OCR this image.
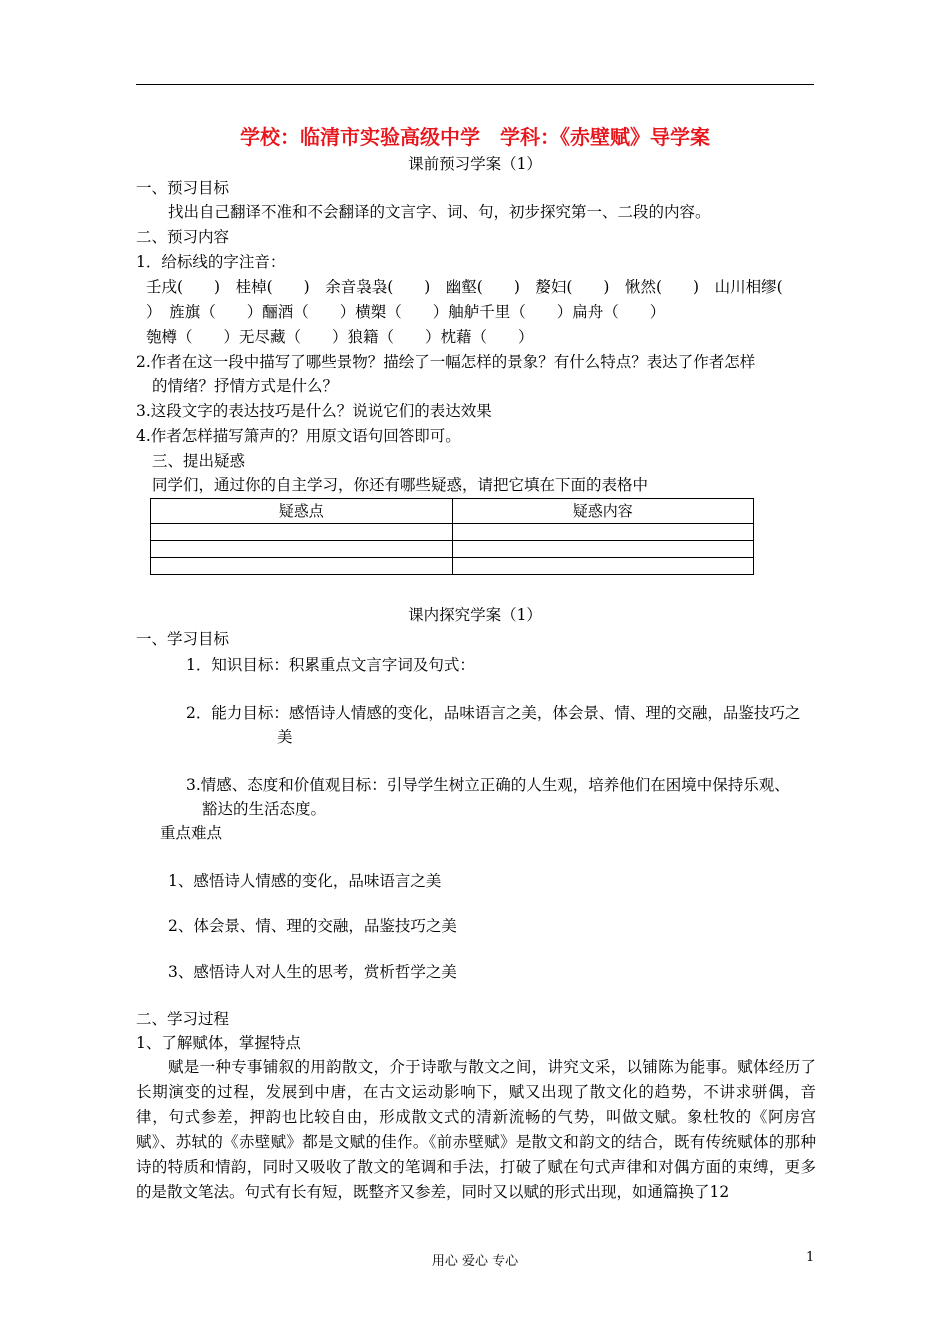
学校：临清市实验高级中学　学科：《赤壁赋》导学案
课前预习学案（1）
一、预习目标
找出自己翻译不准和不会翻译的文言字、词、句，初步探究第一、二段的内容。
二、预习内容
1．给标线的字注音：
壬戌(　　)　桂棹(　　)　余音袅袅(　　)　幽壑(　　)　嫠妇(　　)　愀然(　　)　山川相缪(
）　旌旗（　　）酾酒（　　）横槊（　　）舳舻千里（　　）扁舟（　　）
匏樽（　　）无尽藏（　　）狼籍（　　）枕藉（　　）
2.作者在这一段中描写了哪些景物？描绘了一幅怎样的景象？有什么特点？表达了作者怎样
的情绪？抒情方式是什么？
3.这段文字的表达技巧是什么？说说它们的表达效果
4.作者怎样描写箫声的？用原文语句回答即可。
三、提出疑惑
同学们，通过你的自主学习，你还有哪些疑惑，请把它填在下面的表格中
疑惑点	疑惑内容

课内探究学案（1）
一、学习目标
1．知识目标：积累重点文言字词及句式：
2．能力目标：感悟诗人情感的变化，品味语言之美，体会景、情、理的交融，品鉴技巧之
美
3.情感、态度和价值观目标：引导学生树立正确的人生观，培养他们在困境中保持乐观、
豁达的生活态度。
重点难点
1、感悟诗人情感的变化，品味语言之美
2、体会景、情、理的交融，品鉴技巧之美
3、感悟诗人对人生的思考，赏析哲学之美
二、学习过程
1、了解赋体，掌握特点
赋是一种专事铺叙的用韵散文，介于诗歌与散文之间，讲究文采，以铺陈为能事。赋体经历了长期演变的过程，发展到中唐，在古文运动影响下，赋又出现了散文化的趋势，不讲求骈偶，音律，句式参差，押韵也比较自由，形成散文式的清新流畅的气势，叫做文赋。象杜牧的《阿房宫赋》、苏轼的《赤壁赋》都是文赋的佳作。《前赤壁赋》是散文和韵文的结合，既有传统赋体的那种诗的特质和情韵，同时又吸收了散文的笔调和手法，打破了赋在句式声律和对偶方面的束缚，更多的是散文笔法。句式有长有短，既整齐又参差，同时又以赋的形式出现，如通篇换了12
用心 爱心 专心	1
